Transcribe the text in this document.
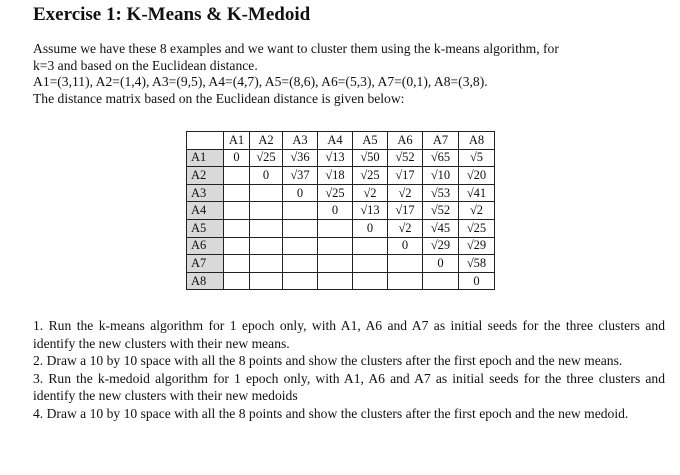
Exercise 1: K-Means & K-Medoid
Assume we have these 8 examples and we want to cluster them using the k-means algorithm, for
k=3 and based on the Euclidean distance.
A1=(3,11), A2=(1,4), A3=(9,5), A4=(4,7), A5=(8,6), A6=(5,3), A7=(0,1), A8=(3,8).
The distance matrix based on the Euclidean distance is given below:
	A1	A2	A3	A4	A5	A6	A7	A8
A1	0	√25	√36	√13	√50	√52	√65	√5
A2		0	√37	√18	√25	√17	√10	√20
A3			0	√25	√2	√2	√53	√41
A4				0	√13	√17	√52	√2
A5					0	√2	√45	√25
A6						0	√29	√29
A7							0	√58
A8								0

1. Run the k-means algorithm for 1 epoch only, with A1, A6 and A7 as initial seeds for the three clusters and identify the new clusters with their new means.

2. Draw a 10 by 10 space with all the 8 points and show the clusters after the first epoch and the new means.

3. Run the k-medoid algorithm for 1 epoch only, with A1, A6 and A7 as initial seeds for the three clusters and identify the new clusters with their new medoids

4. Draw a 10 by 10 space with all the 8 points and show the clusters after the first epoch and the new medoid.
